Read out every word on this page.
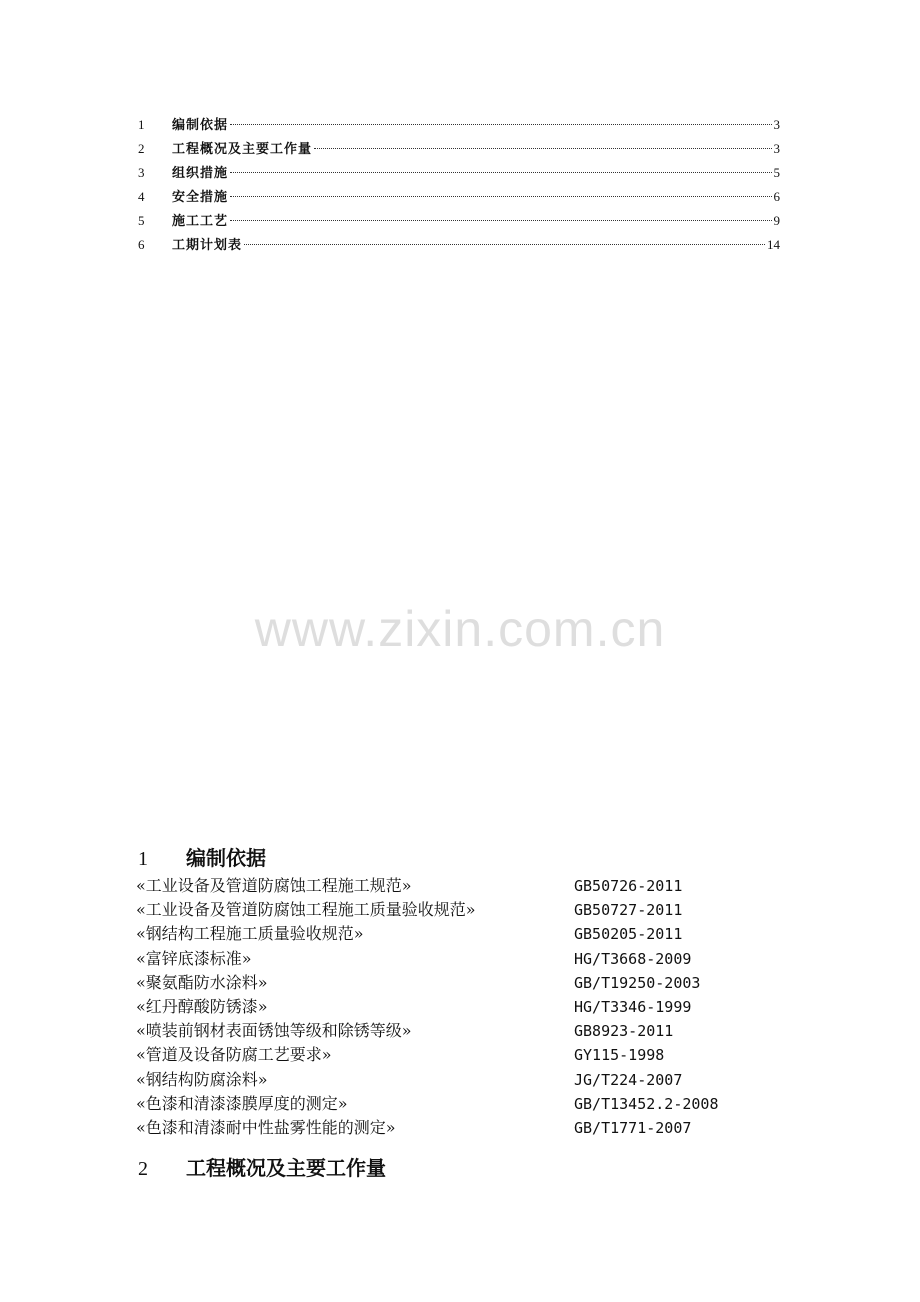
1	编制依据	3
2	工程概况及主要工作量	3
3	组织措施	5
4	安全措施	6
5	施工工艺	9
6	工期计划表	14
www.zixin.com.cn
1	编制依据
«工业设备及管道防腐蚀工程施工规范»	GB50726-2011
«工业设备及管道防腐蚀工程施工质量验收规范»	GB50727-2011
«钢结构工程施工质量验收规范»	GB50205-2011
«富锌底漆标准»	HG/T3668-2009
«聚氨酯防水涂料»	GB/T19250-2003
«红丹醇酸防锈漆»	HG/T3346-1999
«喷装前钢材表面锈蚀等级和除锈等级»	GB8923-2011
«管道及设备防腐工艺要求»	GY115-1998
«钢结构防腐涂料»	JG/T224-2007
«色漆和清漆漆膜厚度的测定»	GB/T13452.2-2008
«色漆和清漆耐中性盐雾性能的测定»	GB/T1771-2007
2	工程概况及主要工作量
